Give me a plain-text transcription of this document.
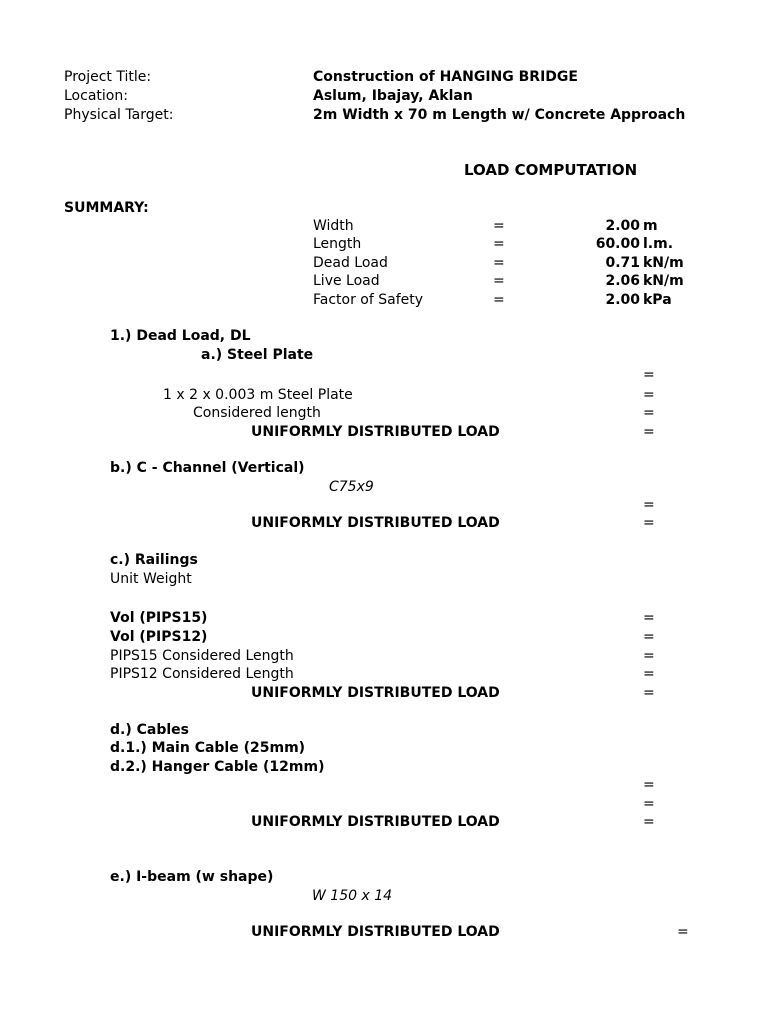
Project Title:	Construction of HANGING BRIDGE
Location:	Aslum, Ibajay, Aklan
Physical Target:	2m Width x 70 m Length w/ Concrete Approach
LOAD COMPUTATION
SUMMARY:
Width	=	2.00 m
Length	=	60.00 l.m.
Dead Load	=	0.71 kN/m
Live Load	=	2.06 kN/m
Factor of Safety	=	2.00 kPa
1.) Dead Load, DL
a.) Steel Plate
=
1 x 2 x 0.003 m Steel Plate	=
Considered length	=
UNIFORMLY DISTRIBUTED LOAD	=
b.) C - Channel (Vertical)
C75x9
=
UNIFORMLY DISTRIBUTED LOAD	=
c.) Railings
Unit Weight
Vol (PIPS15)	=
Vol (PIPS12)	=
PIPS15 Considered Length	=
PIPS12 Considered Length	=
UNIFORMLY DISTRIBUTED LOAD	=
d.) Cables
d.1.) Main Cable (25mm)
d.2.) Hanger Cable (12mm)
=
=
UNIFORMLY DISTRIBUTED LOAD	=
e.) I-beam (w shape)
W 150 x 14
UNIFORMLY DISTRIBUTED LOAD	=
